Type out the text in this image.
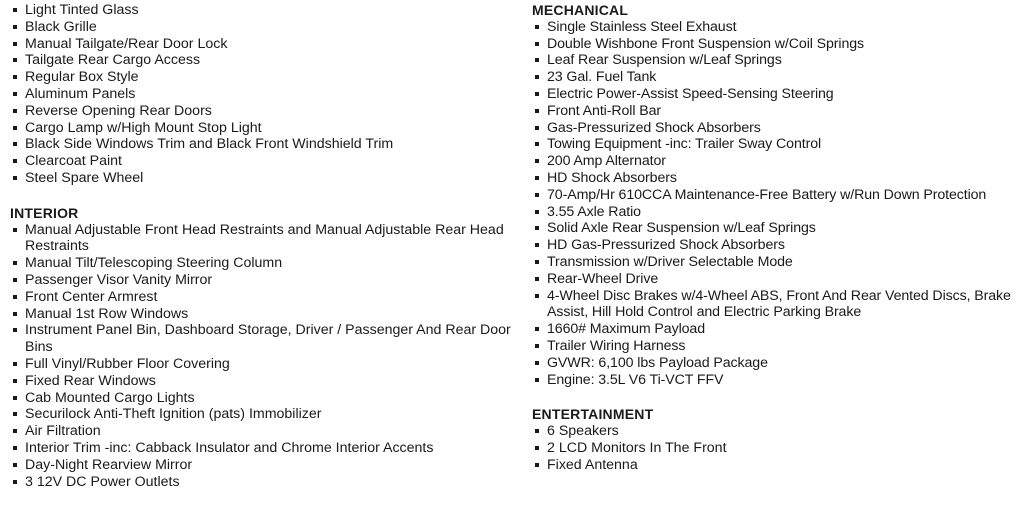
Light Tinted Glass
Black Grille
Manual Tailgate/Rear Door Lock
Tailgate Rear Cargo Access
Regular Box Style
Aluminum Panels
Reverse Opening Rear Doors
Cargo Lamp w/High Mount Stop Light
Black Side Windows Trim and Black Front Windshield Trim
Clearcoat Paint
Steel Spare Wheel
INTERIOR
Manual Adjustable Front Head Restraints and Manual Adjustable Rear Head Restraints
Manual Tilt/Telescoping Steering Column
Passenger Visor Vanity Mirror
Front Center Armrest
Manual 1st Row Windows
Instrument Panel Bin, Dashboard Storage, Driver / Passenger And Rear Door Bins
Full Vinyl/Rubber Floor Covering
Fixed Rear Windows
Cab Mounted Cargo Lights
Securilock Anti-Theft Ignition (pats) Immobilizer
Air Filtration
Interior Trim -inc: Cabback Insulator and Chrome Interior Accents
Day-Night Rearview Mirror
3 12V DC Power Outlets
MECHANICAL
Single Stainless Steel Exhaust
Double Wishbone Front Suspension w/Coil Springs
Leaf Rear Suspension w/Leaf Springs
23 Gal. Fuel Tank
Electric Power-Assist Speed-Sensing Steering
Front Anti-Roll Bar
Gas-Pressurized Shock Absorbers
Towing Equipment -inc: Trailer Sway Control
200 Amp Alternator
HD Shock Absorbers
70-Amp/Hr 610CCA Maintenance-Free Battery w/Run Down Protection
3.55 Axle Ratio
Solid Axle Rear Suspension w/Leaf Springs
HD Gas-Pressurized Shock Absorbers
Transmission w/Driver Selectable Mode
Rear-Wheel Drive
4-Wheel Disc Brakes w/4-Wheel ABS, Front And Rear Vented Discs, Brake Assist, Hill Hold Control and Electric Parking Brake
1660# Maximum Payload
Trailer Wiring Harness
GVWR: 6,100 lbs Payload Package
Engine: 3.5L V6 Ti-VCT FFV
ENTERTAINMENT
6 Speakers
2 LCD Monitors In The Front
Fixed Antenna
